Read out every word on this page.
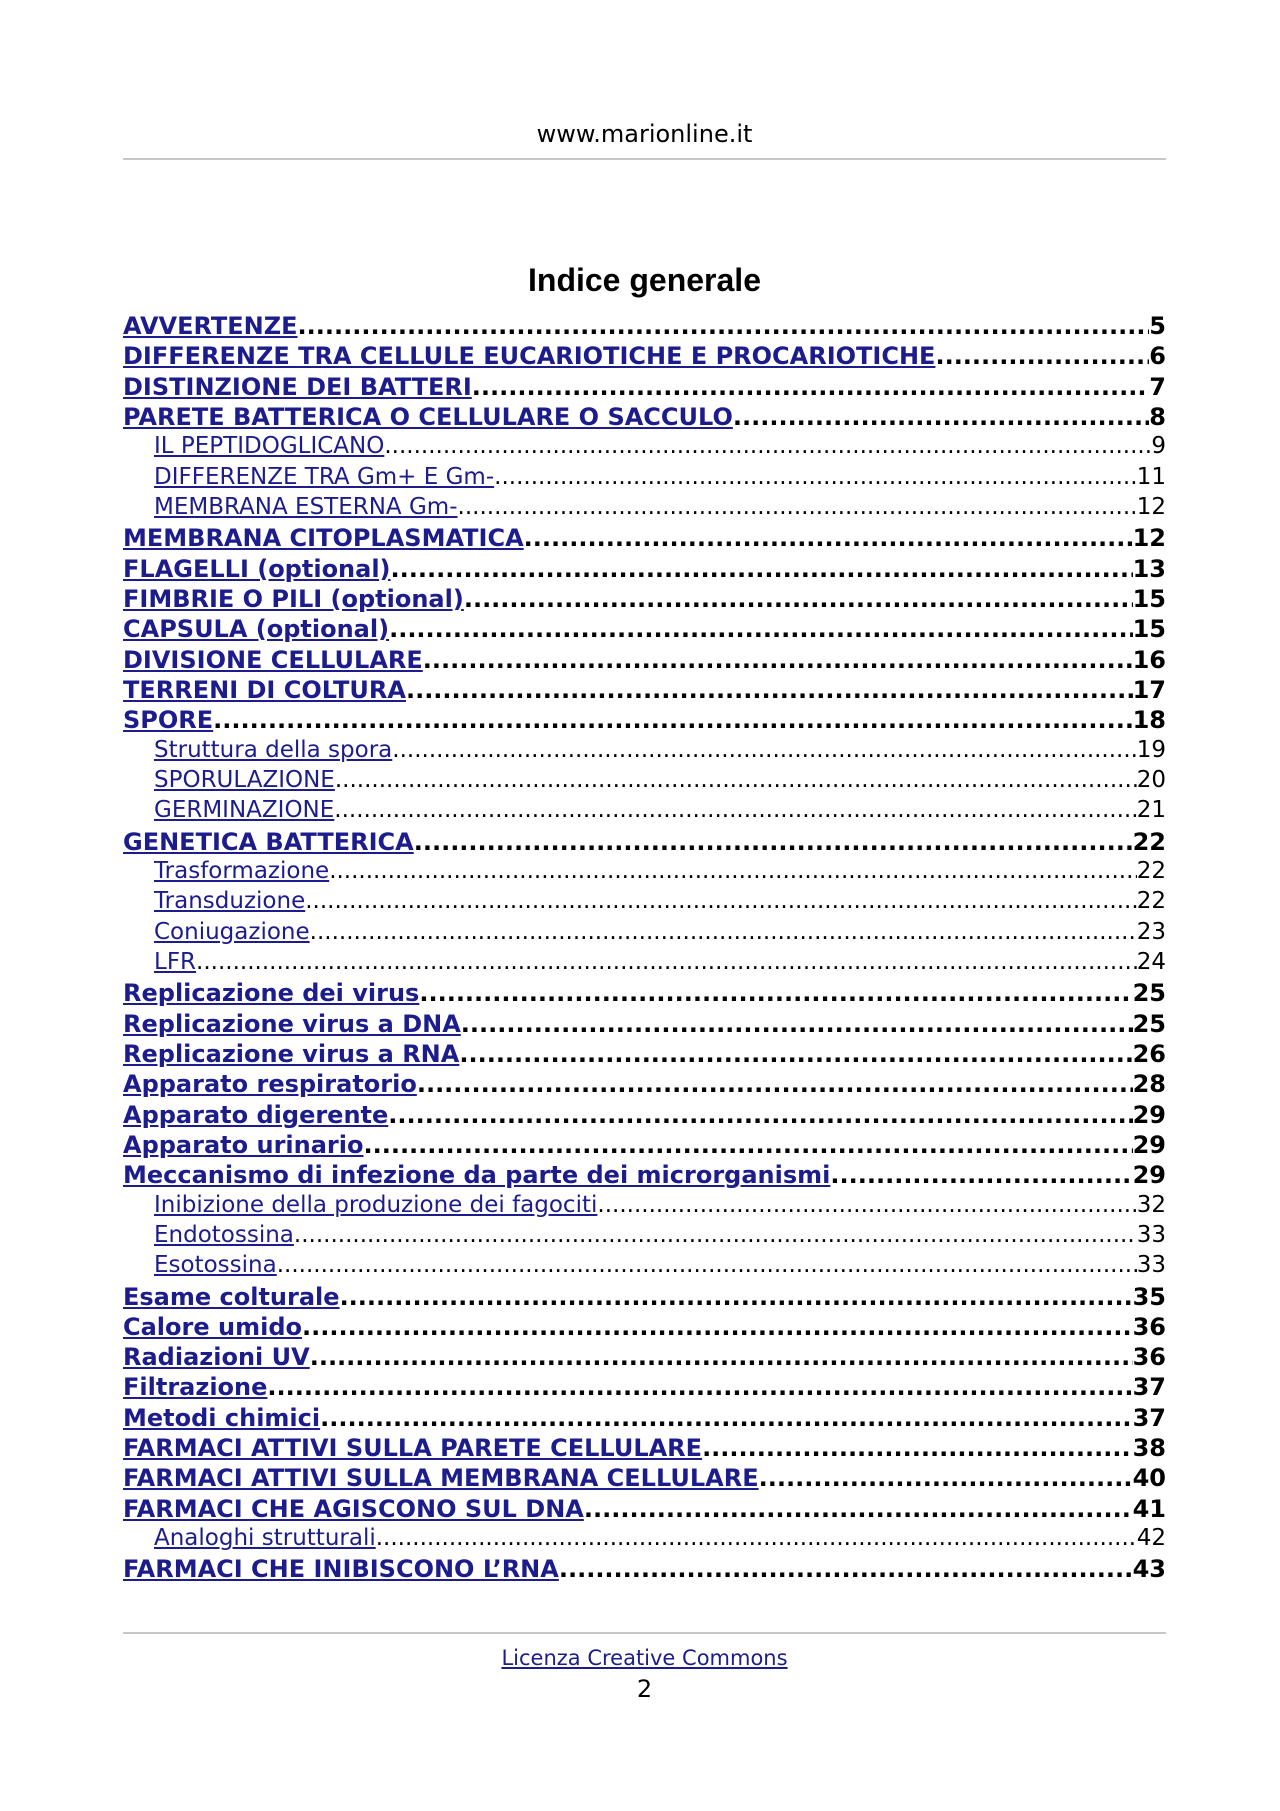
www.marionline.it
Indice generale
AVVERTENZE .....	5
DIFFERENZE TRA CELLULE EUCARIOTICHE E PROCARIOTICHE .....	6
DISTINZIONE DEI BATTERI .....	7
PARETE BATTERICA O CELLULARE O SACCULO .....	8
IL PEPTIDOGLICANO .....	9
DIFFERENZE TRA Gm+ E Gm- .....	11
MEMBRANA ESTERNA Gm- .....	12
MEMBRANA CITOPLASMATICA .....	12
FLAGELLI (optional) .....	13
FIMBRIE O PILI (optional) .....	15
CAPSULA (optional) .....	15
DIVISIONE CELLULARE .....	16
TERRENI DI COLTURA .....	17
SPORE .....	18
Struttura della spora .....	19
SPORULAZIONE .....	20
GERMINAZIONE .....	21
GENETICA BATTERICA .....	22
Trasformazione .....	22
Transduzione .....	22
Coniugazione .....	23
LFR .....	24
Replicazione dei virus .....	25
Replicazione virus a DNA .....	25
Replicazione virus a RNA .....	26
Apparato respiratorio .....	28
Apparato digerente .....	29
Apparato urinario .....	29
Meccanismo di infezione da parte dei microrganismi .....	29
Inibizione della produzione dei fagociti .....	32
Endotossina .....	33
Esotossina .....	33
Esame colturale .....	35
Calore umido .....	36
Radiazioni UV .....	36
Filtrazione .....	37
Metodi chimici .....	37
FARMACI ATTIVI SULLA PARETE CELLULARE .....	38
FARMACI ATTIVI SULLA MEMBRANA CELLULARE .....	40
FARMACI CHE AGISCONO SUL DNA .....	41
Analoghi strutturali .....	42
FARMACI CHE INIBISCONO L’RNA .....	43
Licenza Creative Commons
2
